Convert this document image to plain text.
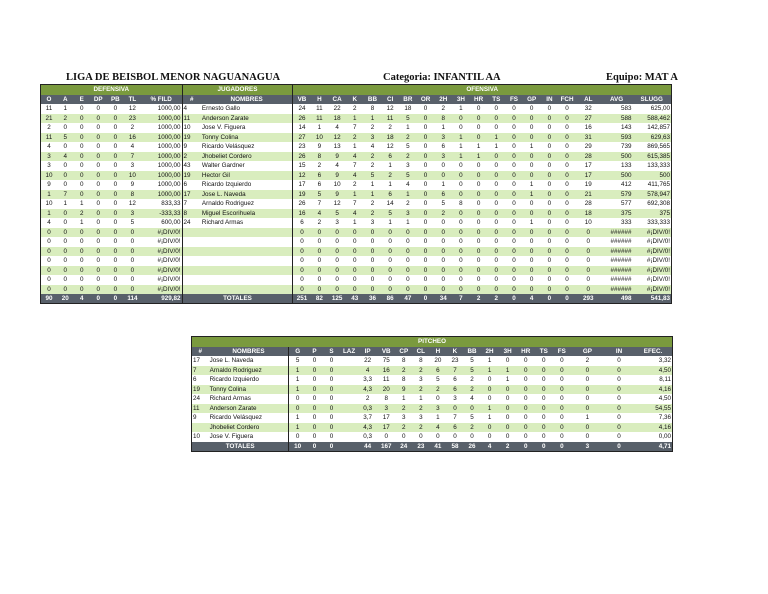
LIGA DE BEISBOL MENOR NAGUANAGUA	Categoria: INFANTIL AA	Equipo: MAT A
DEFENSIVA							JUGADORES		OFENSIVA																		
O	A	E	DP	PB	TL	% FILD	#	NOMBRES	VB	H	CA	K	BB	CI	BR	OR	2H	3H	HR	TS	FS	GP	IN	FCH	AL	AVG	SLUGG
11	1	0	0	0	12	1000,00	4	Ernesto Gallo	24	11	22	2	8	12	18	0	2	1	0	0	0	0	0	0	32	583	625,00
21	2	0	0	0	23	1000,00	11	Anderson Zarate	26	11	18	1	1	11	5	0	8	0	0	0	0	0	0	0	27	588	588,462
2	0	0	0	0	2	1000,00	10	Jose V. Figuera	14	1	4	7	2	2	1	0	1	0	0	0	0	0	0	0	16	143	142,857
11	5	0	0	0	16	1000,00	19	Tonny Colina	27	10	12	2	3	18	2	0	3	1	0	1	0	0	0	0	31	593	629,63
4	0	0	0	0	4	1000,00	9	Ricardo Velásquez	23	9	13	1	4	12	5	0	6	1	1	1	0	1	0	0	29	739	869,565
3	4	0	0	0	7	1000,00	2	Jhobeliet Cordero	26	8	9	4	2	6	2	0	3	1	1	0	0	0	0	0	28	500	615,385
3	0	0	0	0	3	1000,00	43	Walter Gardner	15	2	4	7	2	1	3	0	0	0	0	0	0	0	0	0	17	133	133,333
10	0	0	0	0	10	1000,00	19	Hector Gil	12	6	9	4	5	2	5	0	0	0	0	0	0	0	0	0	17	500	500
9	0	0	0	0	9	1000,00	6	Ricardo Izquierdo	17	6	10	2	1	1	4	0	1	0	0	0	0	1	0	0	19	412	411,765
1	7	0	0	0	8	1000,00	17	Jose L. Naveda	19	5	9	1	1	6	1	0	6	0	0	0	0	1	0	0	21	579	578,947
10	1	1	0	0	12	833,33	7	Arnaldo Rodriguez	26	7	12	7	2	14	2	0	5	8	0	0	0	0	0	0	28	577	692,308
1	0	2	0	0	3	-333,33	8	Miguel Escorihuela	16	4	5	4	2	5	3	0	2	0	0	0	0	0	0	0	18	375	375
4	0	1	0	0	5	600,00	24	Richard Armas	6	2	3	1	3	1	1	0	0	0	0	0	0	1	0	0	10	333	333,333
0	0	0	0	0	0	#¡DIV/0!			0	0	0	0	0	0	0	0	0	0	0	0	0	0	0	0	0	######	#¡DIV/0!
0	0	0	0	0	0	#¡DIV/0!			0	0	0	0	0	0	0	0	0	0	0	0	0	0	0	0	0	######	#¡DIV/0!
0	0	0	0	0	0	#¡DIV/0!			0	0	0	0	0	0	0	0	0	0	0	0	0	0	0	0	0	######	#¡DIV/0!
0	0	0	0	0	0	#¡DIV/0!			0	0	0	0	0	0	0	0	0	0	0	0	0	0	0	0	0	######	#¡DIV/0!
0	0	0	0	0	0	#¡DIV/0!			0	0	0	0	0	0	0	0	0	0	0	0	0	0	0	0	0	######	#¡DIV/0!
0	0	0	0	0	0	#¡DIV/0!			0	0	0	0	0	0	0	0	0	0	0	0	0	0	0	0	0	######	#¡DIV/0!
0	0	0	0	0	0	#¡DIV/0!			0	0	0	0	0	0	0	0	0	0	0	0	0	0	0	0	0	######	#¡DIV/0!
90	20	4	0	0	114	929,82	TOTALES		251	82	125	43	36	86	47	0	34	7	2	2	0	4	0	0	293	498	541,83
PITCHEO																				
#	NOMBRES	G	P	S	LAZ	IP	VB	CP	CL	H	K	BB	2H	3H	HR	TS	FS	GP	IN	EFEC.
17	Jose L. Naveda	5	0	0		22	75	8	8	20	23	5	1	0	0	0	0	2	0	3,32
7	Arnaldo Rodriguez	1	0	0		4	16	2	2	6	7	5	1	1	0	0	0	0	0	4,50
6	Ricardo Izquierdo	1	0	0		3,3	11	8	3	5	6	2	0	1	0	0	0	0	0	8,11
19	Tonny Colina	1	0	0		4,3	20	9	2	2	6	2	0	0	0	0	0	0	0	4,16
24	Richard Armas	0	0	0		2	8	1	1	0	3	4	0	0	0	0	0	0	0	4,50
11	Anderson Zarate	0	0	0		0,3	3	2	2	3	0	0	1	0	0	0	0	0	0	54,55
9	Ricardo Velásquez	1	0	0		3,7	17	3	3	1	7	5	1	0	0	0	0	1	0	7,36
	Jhobeliet Cordero	1	0	0		4,3	17	2	2	4	6	2	0	0	0	0	0	0	0	4,16
10	Jose V. Figuera	0	0	0		0,3	0	0	0	0	0	0	0	0	0	0	0	0	0	0,00
TOTALES		10	0	0		44	167	24	23	41	58	26	4	2	0	0	0	3	0	4,71
